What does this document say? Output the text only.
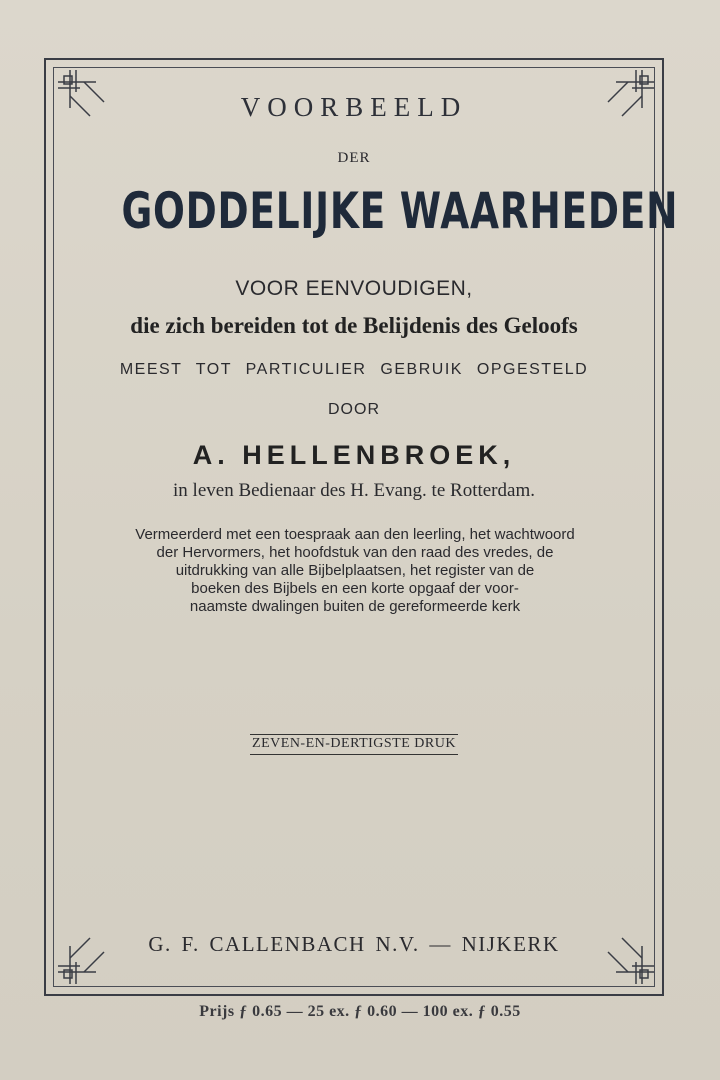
VOORBEELD
DER
GODDELIJKE WAARHEDEN
VOOR EENVOUDIGEN,
die zich bereiden tot de Belijdenis des Geloofs
MEEST TOT PARTICULIER GEBRUIK OPGESTELD
DOOR
A. HELLENBROEK,
in leven Bedienaar des H. Evang. te Rotterdam.
Vermeerderd met een toespraak aan den leerling, het wachtwoord
der Hervormers, het hoofdstuk van den raad des vredes, de
uitdrukking van alle Bijbelplaatsen, het register van de
boeken des Bijbels en een korte opgaaf der voor-
naamste dwalingen buiten de gereformeerde kerk
ZEVEN-EN-DERTIGSTE DRUK
G. F. CALLENBACH N.V. — NIJKERK
Prijs ƒ 0.65 — 25 ex. ƒ 0.60 — 100 ex. ƒ 0.55
